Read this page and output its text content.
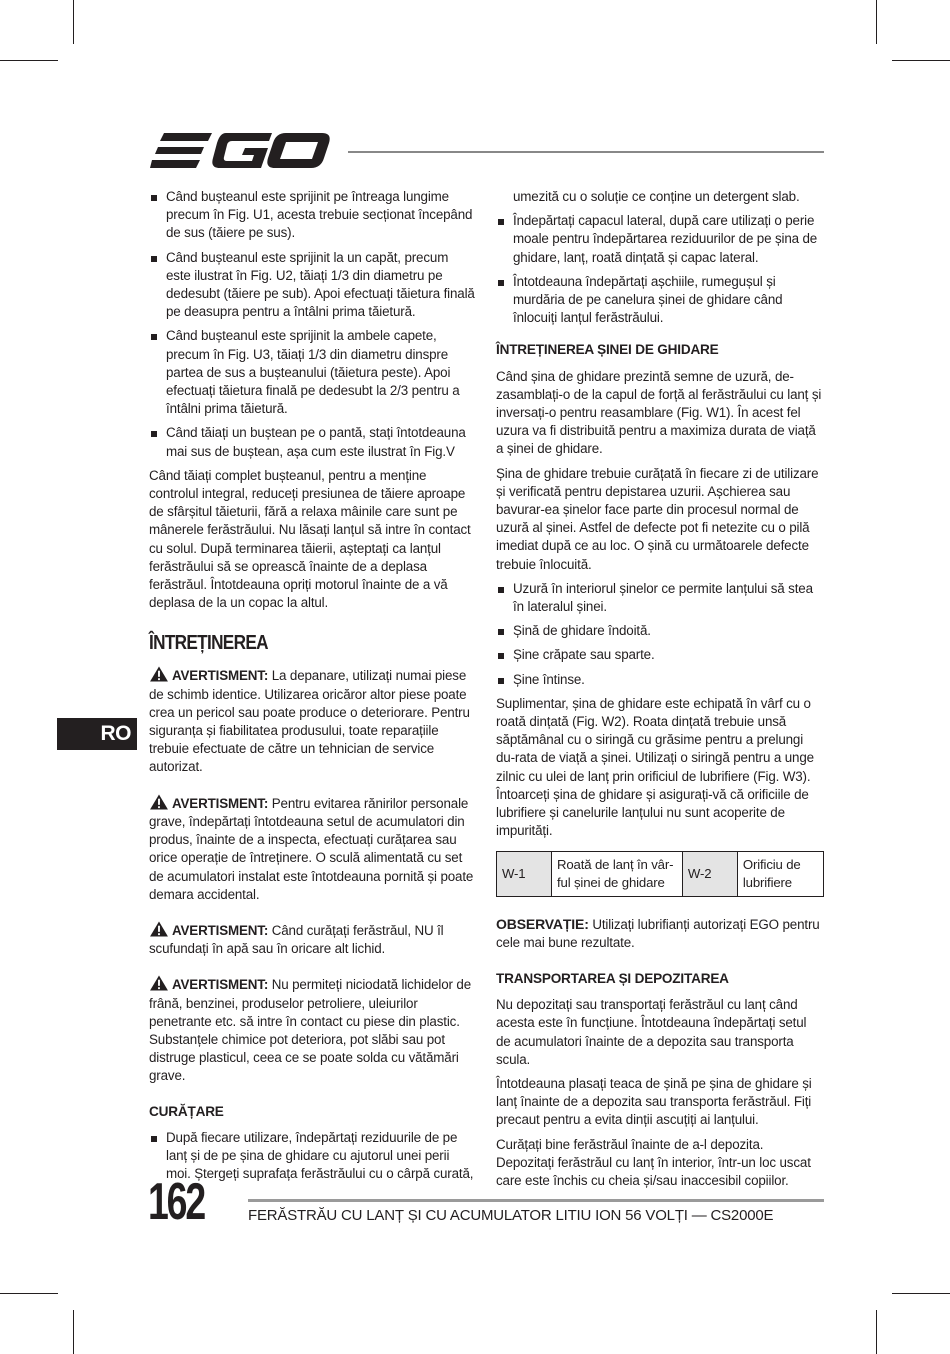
Când bușteanul este sprijinit pe întreaga lungime precum în Fig. U1, acesta trebuie secționat începând de sus (tăiere pe sus).
Când bușteanul este sprijinit la un capăt, precum este ilustrat în Fig. U2, tăiați 1/3 din diametru pe dedesubt (tăiere pe sub). Apoi efectuați tăietura finală pe deasupra pentru a întâlni prima tăietură.
Când bușteanul este sprijinit la ambele capete, precum în Fig. U3, tăiați 1/3 din diametru dinspre partea de sus a bușteanului (tăietura peste). Apoi efectuați tăietura finală pe dedesubt la 2/3 pentru a întâlni prima tăietură.
Când tăiați un buștean pe o pantă, stați întotdeauna mai sus de buștean, așa cum este ilustrat în Fig.V
Când tăiați complet bușteanul, pentru a menține controlul integral, reduceți presiunea de tăiere aproape de sfârșitul tăieturii, fără a relaxa mâinile care sunt pe mânerele ferăstrăului. Nu lăsați lanțul să intre în contact cu solul. După terminarea tăierii, așteptați ca lanțul ferăstrăului să se oprească înainte de a deplasa ferăstrăul. Întotdeauna opriți motorul înainte de a vă deplasa de la un copac la altul.
ÎNTREȚINEREA
AVERTISMENT: La depanare, utilizați numai piese de schimb identice. Utilizarea oricăror altor piese poate crea un pericol sau poate produce o deteriorare. Pentru siguranța și fiabilitatea produsului, toate reparațiile trebuie efectuate de către un tehnician de service autorizat.
AVERTISMENT: Pentru evitarea rănirilor personale grave, îndepărtați întotdeauna setul de acumulatori din produs, înainte de a inspecta, efectuați curățarea sau orice operație de întreținere. O sculă alimentată cu set de acumulatori instalat este întotdeauna pornită și poate demara accidental.
AVERTISMENT: Când curățați ferăstrăul, NU îl scufundați în apă sau în oricare alt lichid.
AVERTISMENT: Nu permiteți niciodată lichidelor de frână, benzinei, produselor petroliere, uleiurilor penetrante etc. să intre în contact cu piese din plastic. Substanțele chimice pot deteriora, pot slăbi sau pot distruge plasticul, ceea ce se poate solda cu vătămări grave.
CURĂȚARE
După fiecare utilizare, îndepărtați reziduurile de pe lanț și de pe șina de ghidare cu ajutorul unei perii moi. Ștergeți suprafața ferăstrăului cu o cârpă curată,
umezită cu o soluție ce conține un detergent slab.
Îndepărtați capacul lateral, după care utilizați o perie moale pentru îndepărtarea reziduurilor de pe șina de ghidare, lanț, roată dințată și capac lateral.
Întotdeauna îndepărtați așchiile, rumegușul și murdăria de pe canelura șinei de ghidare când înlocuiți lanțul ferăstrăului.
ÎNTREȚINEREA ȘINEI DE GHIDARE
Când șina de ghidare prezintă semne de uzură, de-zasamblați-o de la capul de forță al ferăstrăului cu lanț și inversați-o pentru reasamblare (Fig. W1). În acest fel uzura va fi distribuită pentru a maximiza durata de viață a șinei de ghidare.
Șina de ghidare trebuie curățată în fiecare zi de utilizare și verificată pentru depistarea uzurii. Așchierea sau bavurar-ea șinelor face parte din procesul normal de uzură al șinei. Astfel de defecte pot fi netezite cu o pilă imediat după ce au loc. O șină cu următoarele defecte trebuie înlocuită.
Uzură în interiorul șinelor ce permite lanțului să stea în lateralul șinei.
Șină de ghidare îndoită.
Șine crăpate sau sparte.
Șine întinse.
Suplimentar, șina de ghidare este echipată în vârf cu o roată dințată (Fig. W2). Roata dințată trebuie unsă săptămânal cu o siringă cu grăsime pentru a prelungi du-rata de viață a șinei. Utilizați o siringă pentru a unge zilnic cu ulei de lanț prin orificiul de lubrifiere (Fig. W3). Întoarceți șina de ghidare și asigurați-vă că orificiile de lubrifiere și canelurile lanțului nu sunt acoperite de impurități.
W-1	Roată de lanț în vâr-ful șinei de ghidare	W-2	Orificiu de lubrifiere
OBSERVAȚIE: Utilizați lubrifianți autorizați EGO pentru cele mai bune rezultate.
TRANSPORTAREA ȘI DEPOZITAREA
Nu depozitați sau transportați ferăstrăul cu lanț când acesta este în funcțiune. Întotdeauna îndepărtați setul de acumulatori înainte de a depozita sau transporta scula.
Întotdeauna plasați teaca de șină pe șina de ghidare și lanț înainte de a depozita sau transporta ferăstrăul. Fiți precaut pentru a evita dinții ascuțiți ai lanțului.
Curățați bine ferăstrăul înainte de a-l depozita. Depozitați ferăstrăul cu lanț în interior, într-un loc uscat care este închis cu cheia și/sau inaccesibil copiilor.
RO
162	FERĂSTRĂU CU LANȚ ȘI CU ACUMULATOR LITIU ION 56 VOLȚI — CS2000E
